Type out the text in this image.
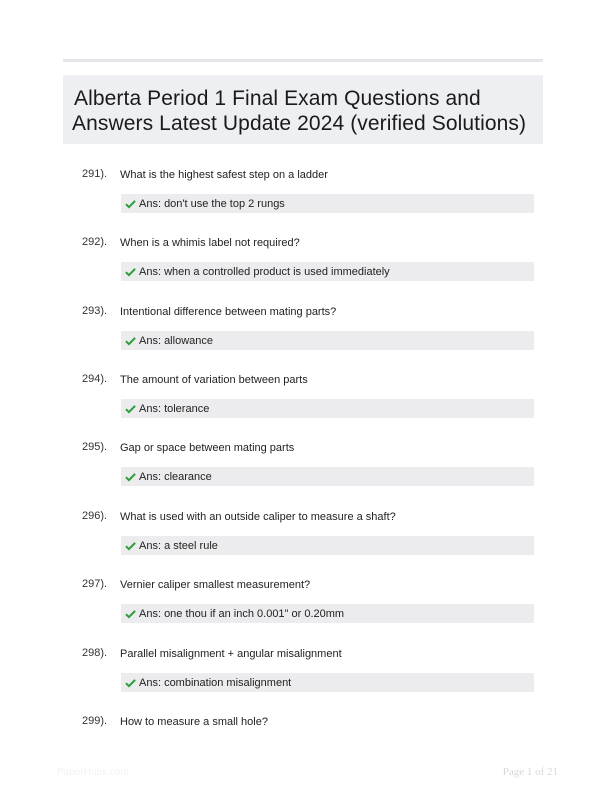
Alberta Period 1 Final Exam Questions and
Answers Latest Update 2024 (verified Solutions)
291). What is the highest safest step on a ladder
Ans: don't use the top 2 rungs
292). When is a whimis label not required?
Ans: when a controlled product is used immediately
293). Intentional difference between mating parts?
Ans: allowance
294). The amount of variation between parts
Ans: tolerance
295). Gap or space between mating parts
Ans: clearance
296). What is used with an outside caliper to measure a shaft?
Ans: a steel rule
297). Vernier caliper smallest measurement?
Ans: one thou if an inch 0.001" or 0.20mm
298). Parallel misalignment + angular misalignment
Ans: combination misalignment
299). How to measure a small hole?
PaperHubs.com	Page 1 of 21
